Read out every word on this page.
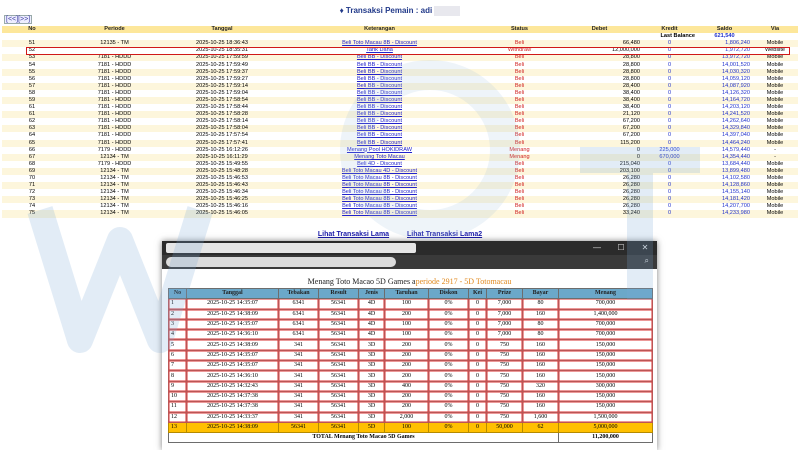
♦ Transaksi Pemain : adi
[<<][>>]
No	Periode	Tanggal	Keterangan	Status	Debet	Kredit	Saldo	Via
						Last Balance	621,540	
51	12135 - TM	2025-10-25 18:36:43	Beli Toto Macau 8B - Discount	Beli	66,480	0	1,806,240	Mobile
52		2025-10-25 18:35:31	Tarik Dana	Withdraw	12,000,000	0	1,972,720	Website
53	7181 - HDDD	2025-10-25 17:59:59	Beli BB - Discount	Beli	28,800	0	13,972,720	Mobile
54	7181 - HDDD	2025-10-25 17:59:49	Beli BB - Discount	Beli	28,800	0	14,001,520	Mobile
55	7181 - HDDD	2025-10-25 17:59:37	Beli BB - Discount	Beli	28,800	0	14,030,320	Mobile
56	7181 - HDDD	2025-10-25 17:59:27	Beli BB - Discount	Beli	28,800	0	14,059,120	Mobile
57	7181 - HDDD	2025-10-25 17:59:14	Beli BB - Discount	Beli	28,400	0	14,087,920	Mobile
58	7181 - HDDD	2025-10-25 17:59:04	Beli BB - Discount	Beli	38,400	0	14,126,320	Mobile
59	7181 - HDDD	2025-10-25 17:58:54	Beli BB - Discount	Beli	38,400	0	14,164,720	Mobile
61	7181 - HDDD	2025-10-25 17:58:44	Beli BB - Discount	Beli	38,400	0	14,203,120	Mobile
61	7181 - HDDD	2025-10-25 17:58:28	Beli BB - Discount	Beli	21,120	0	14,241,520	Mobile
62	7181 - HDDD	2025-10-25 17:58:14	Beli BB - Discount	Beli	67,200	0	14,262,640	Mobile
63	7181 - HDDD	2025-10-25 17:58:04	Beli BB - Discount	Beli	67,200	0	14,329,840	Mobile
64	7181 - HDDD	2025-10-25 17:57:54	Beli BB - Discount	Beli	67,200	0	14,397,040	Mobile
65	7181 - HDDD	2025-10-25 17:57:41	Beli BB - Discount	Beli	115,200	0	14,464,240	Mobile
66	7179 - HDDD	2025-10-25 16:12:26	Menang Pool HOKIDRAW	Menang	0	225,000	14,579,440	-
67	12134 - TM	2025-10-25 16:11:29	Menang Toto Macau	Menang	0	670,000	14,354,440	-
68	7179 - HDDD	2025-10-25 15:49:55	Beli 4D - Discount	Beli	215,040	0	13,684,440	Mobile
69	12134 - TM	2025-10-25 15:48:28	Beli Toto Macau 4D - Discount	Beli	203,100	0	13,899,480	Mobile
70	12134 - TM	2025-10-25 15:46:53	Beli Toto Macau 8B - Discount	Beli	26,280	0	14,102,580	Mobile
71	12134 - TM	2025-10-25 15:46:43	Beli Toto Macau 8B - Discount	Beli	26,280	0	14,128,860	Mobile
72	12134 - TM	2025-10-25 15:46:34	Beli Toto Macau 8B - Discount	Beli	26,280	0	14,155,140	Mobile
73	12134 - TM	2025-10-25 15:46:25	Beli Toto Macau 8B - Discount	Beli	26,280	0	14,181,420	Mobile
74	12134 - TM	2025-10-25 15:46:16	Beli Toto Macau 8B - Discount	Beli	26,280	0	14,207,700	Mobile
75	12134 - TM	2025-10-25 15:46:05	Beli Toto Macau 8B - Discount	Beli	33,240	0	14,233,980	Mobile
Lihat Transaksi Lama	Lihat Transaksi Lama2
—	☐	✕
⌕
Menang Toto Macao 5D Games aperiode 2917 - 5D Totomacau
No	Tanggal	Tebakan	Result	Jenis	Taruhan	Diskon	Kei	Prize	Bayar	Menang
1	2025-10-25 14:35:07	6341	56341	4D	100	0%	0	7,000	80	700,000
2	2025-10-25 14:38:09	6341	56341	4D	200	0%	0	7,000	160	1,400,000
3	2025-10-25 14:35:07	6341	56341	4D	100	0%	0	7,000	80	700,000
4	2025-10-25 14:36:10	6341	56341	4D	100	0%	0	7,000	80	700,000
5	2025-10-25 14:38:09	341	56341	3D	200	0%	0	750	160	150,000
6	2025-10-25 14:35:07	341	56341	3D	200	0%	0	750	160	150,000
7	2025-10-25 14:35:07	341	56341	3D	200	0%	0	750	160	150,000
8	2025-10-25 14:36:10	341	56341	3D	200	0%	0	750	160	150,000
9	2025-10-25 14:32:43	341	56341	3D	400	0%	0	750	320	300,000
10	2025-10-25 14:37:38	341	56341	3D	200	0%	0	750	160	150,000
11	2025-10-25 14:37:38	341	56341	3D	200	0%	0	750	160	150,000
12	2025-10-25 14:33:37	341	56341	3D	2,000	0%	0	750	1,600	1,500,000
13	2025-10-25 14:38:09	56341	56341	5D	100	0%	0	50,000	62	5,000,000
TOTAL Menang Toto Macao 5D Games										11,200,000
